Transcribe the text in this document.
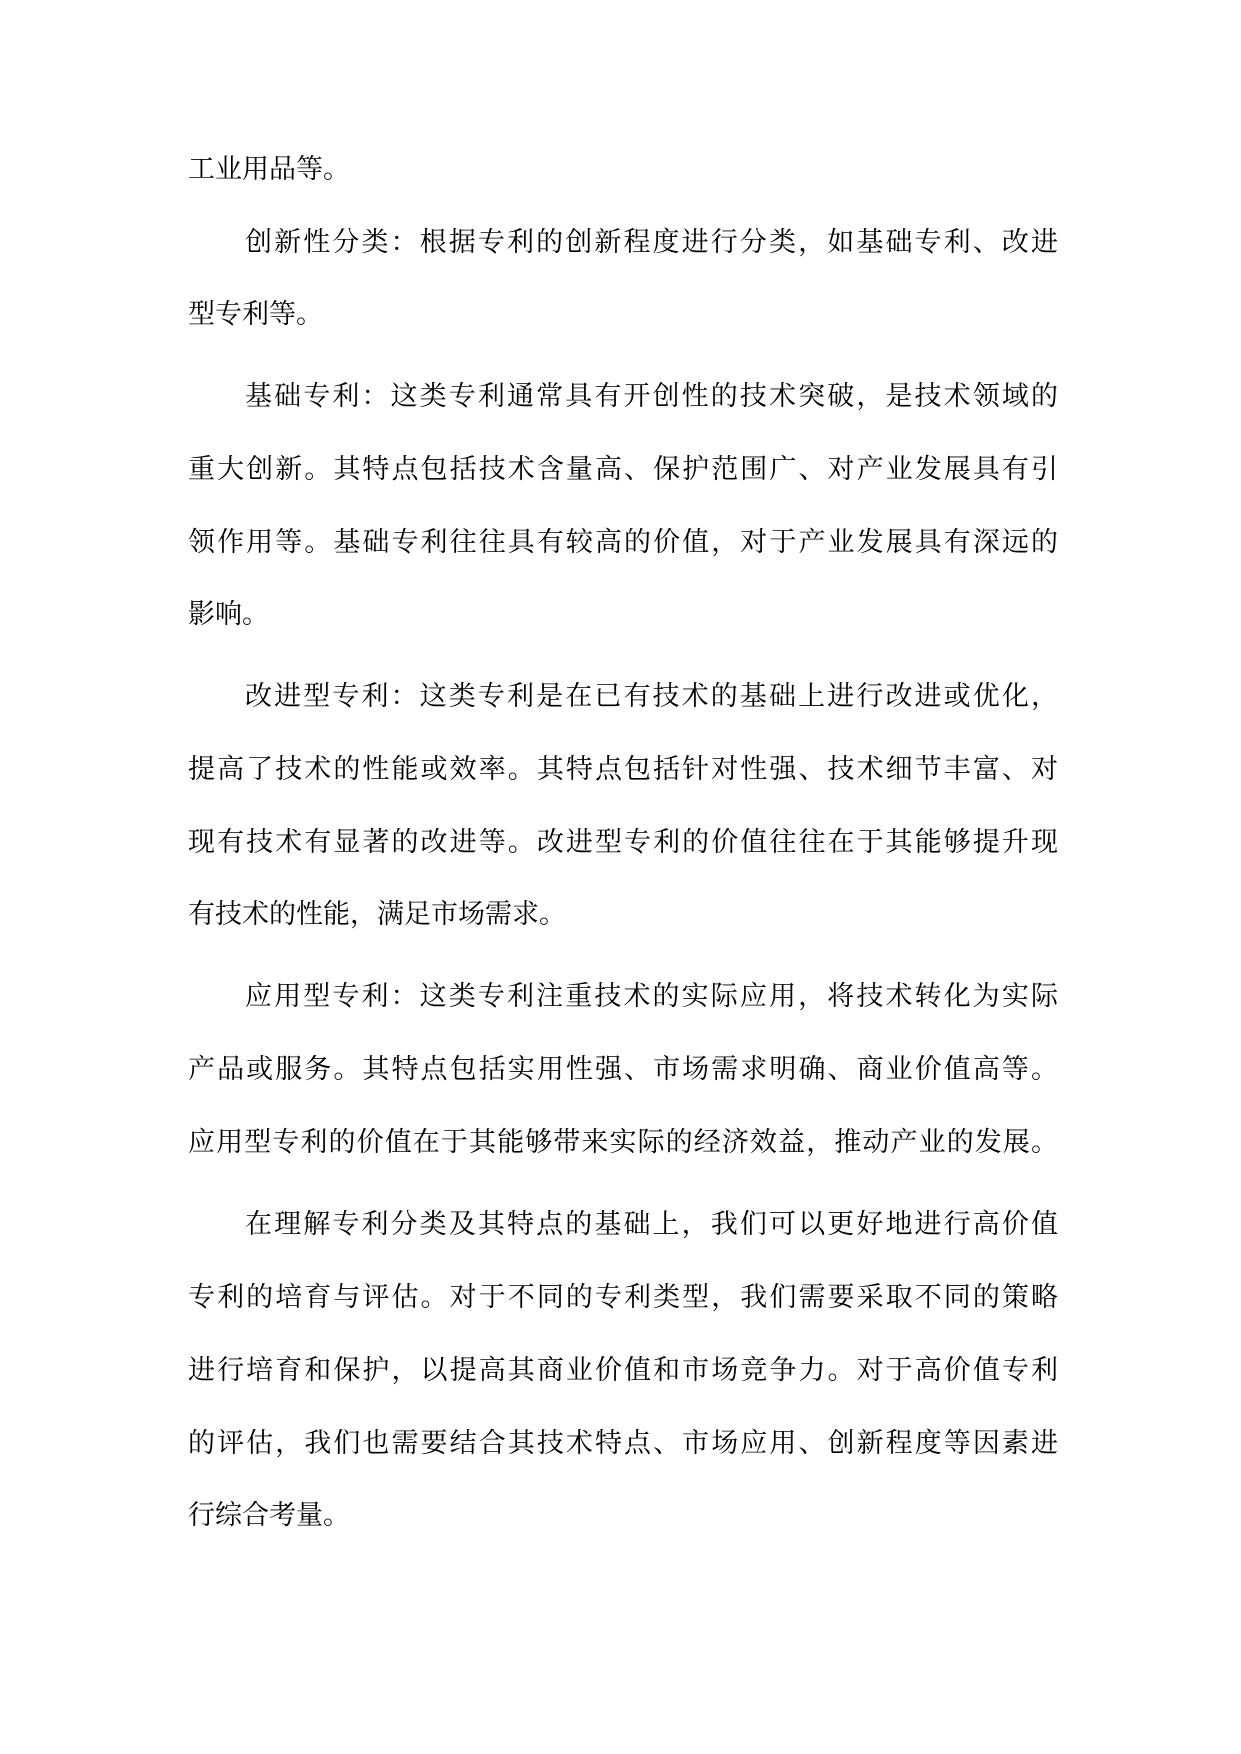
工业用品等。
创新性分类：根据专利的创新程度进行分类，如基础专利、改进
型专利等。
基础专利：这类专利通常具有开创性的技术突破，是技术领域的
重大创新。其特点包括技术含量高、保护范围广、对产业发展具有引
领作用等。基础专利往往具有较高的价值，对于产业发展具有深远的
影响。
改进型专利：这类专利是在已有技术的基础上进行改进或优化，
提高了技术的性能或效率。其特点包括针对性强、技术细节丰富、对
现有技术有显著的改进等。改进型专利的价值往往在于其能够提升现
有技术的性能，满足市场需求。
应用型专利：这类专利注重技术的实际应用，将技术转化为实际
产品或服务。其特点包括实用性强、市场需求明确、商业价值高等。
应用型专利的价值在于其能够带来实际的经济效益，推动产业的发展。
在理解专利分类及其特点的基础上，我们可以更好地进行高价值
专利的培育与评估。对于不同的专利类型，我们需要采取不同的策略
进行培育和保护，以提高其商业价值和市场竞争力。对于高价值专利
的评估，我们也需要结合其技术特点、市场应用、创新程度等因素进
行综合考量。
